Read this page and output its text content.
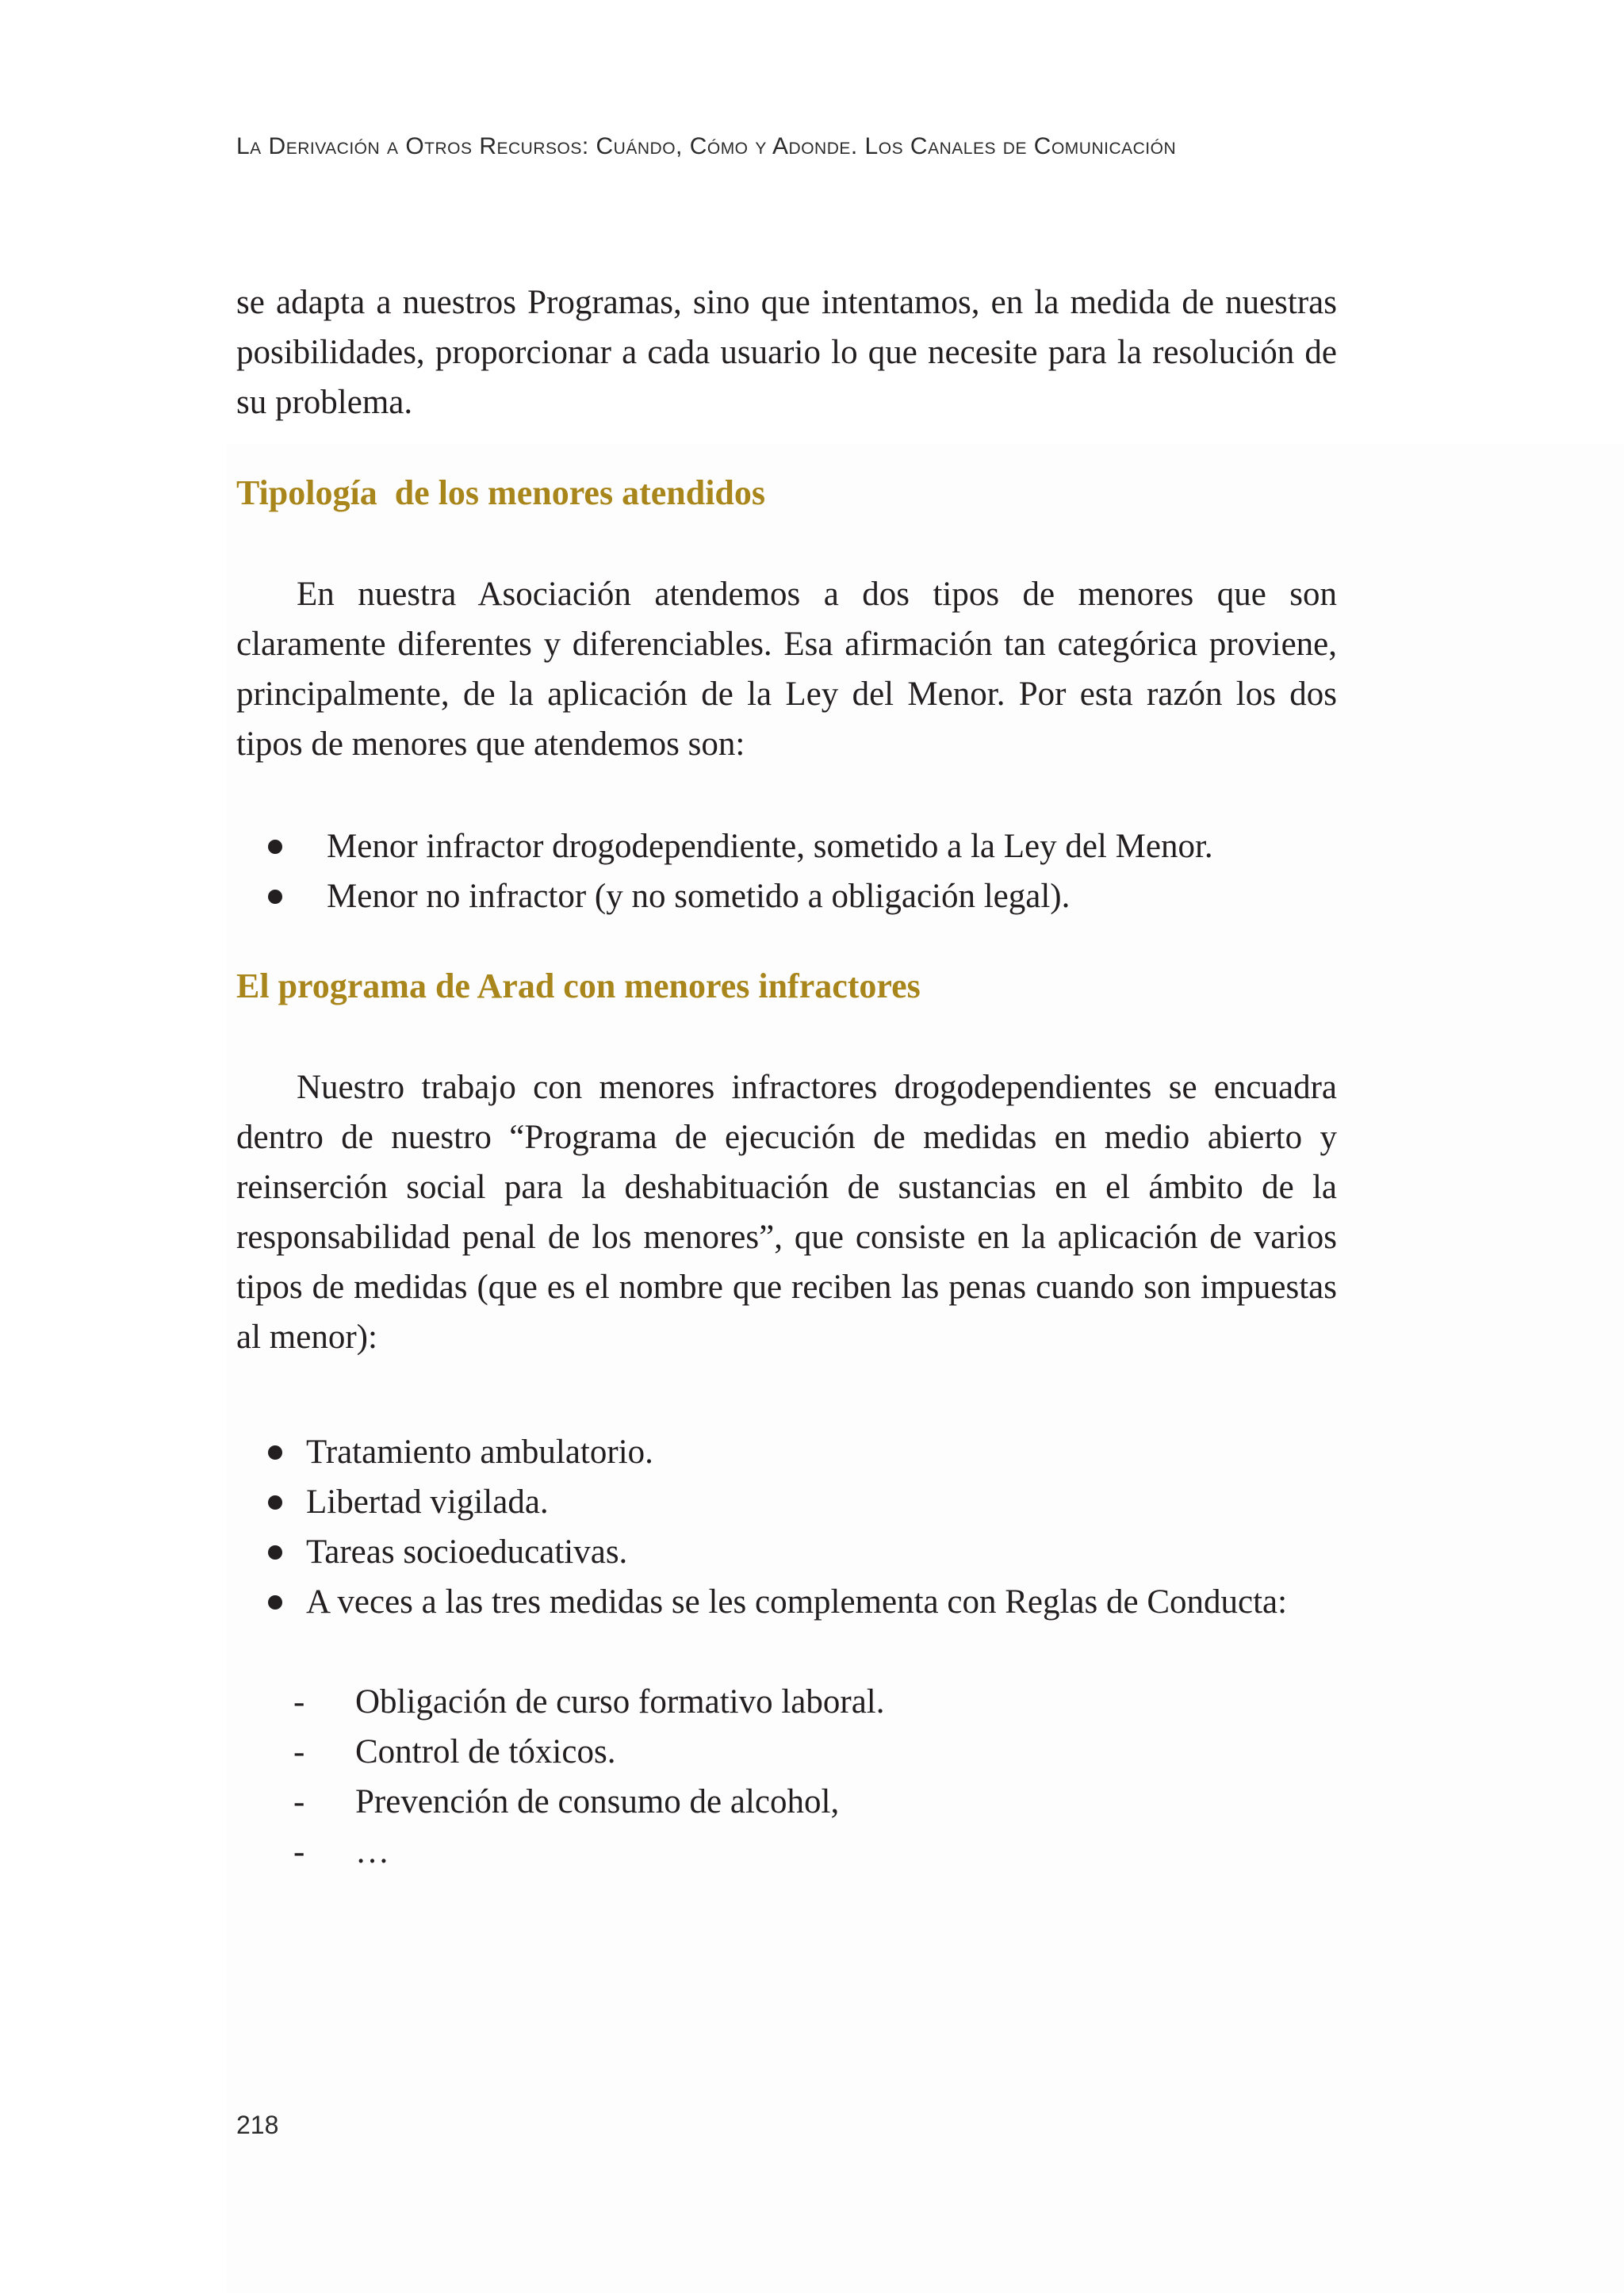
La Derivación a Otros Recursos: Cuándo, Cómo y Adonde. Los Canales de Comunicación
se adapta a nuestros Programas, sino que intentamos, en la medida de nuestras posibilidades, proporcionar a cada usuario lo que necesite para la resolución de su problema.
Tipología  de los menores atendidos
En nuestra Asociación atendemos a dos tipos de menores que son claramente diferentes y diferenciables. Esa afirmación tan categórica proviene, principalmente, de la aplicación de la Ley del Menor. Por esta razón los dos tipos de menores que atendemos son:
Menor infractor drogodependiente, sometido a la Ley del Menor.
Menor no infractor (y no sometido a obligación legal).
El programa de Arad con menores infractores
Nuestro trabajo con menores infractores drogodependientes se encuadra dentro de nuestro “Programa de ejecución de medidas en medio abierto y reinserción social para la deshabituación de sustancias en el ámbito de la responsabilidad penal de los menores”, que consiste en la aplicación de varios tipos de medidas (que es el nombre que reciben las penas cuando son impuestas al menor):
Tratamiento ambulatorio.
Libertad vigilada.
Tareas socioeducativas.
A veces a las tres medidas se les complementa con Reglas de Conducta:
- Obligación de curso formativo laboral.
- Control de tóxicos.
- Prevención de consumo de alcohol,
- …
218
